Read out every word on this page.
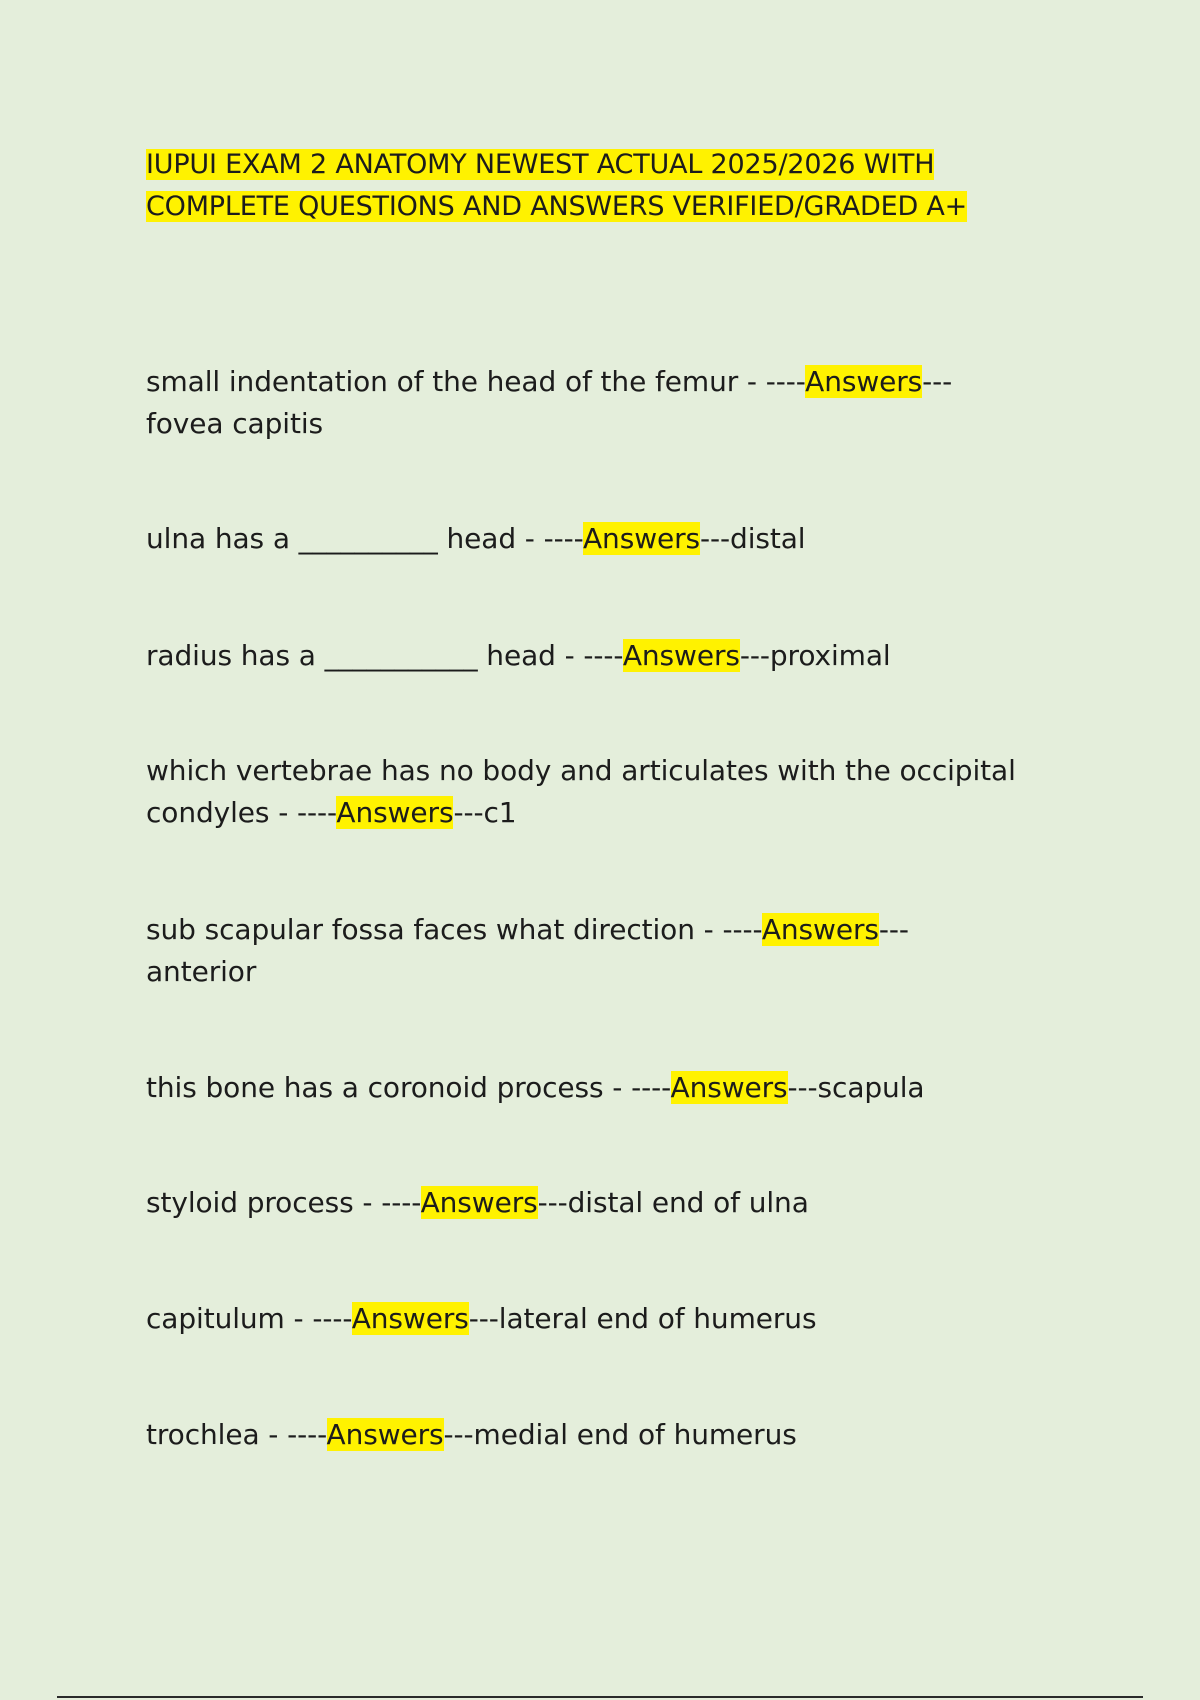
IUPUI EXAM 2 ANATOMY NEWEST ACTUAL 2025/2026 WITH
COMPLETE QUESTIONS AND ANSWERS VERIFIED/GRADED A+

small indentation of the head of the femur - ----Answers---
fovea capitis

ulna has a __________ head - ----Answers---distal

radius has a ___________ head - ----Answers---proximal

which vertebrae has no body and articulates with the occipital
condyles - ----Answers---c1

sub scapular fossa faces what direction - ----Answers---
anterior

this bone has a coronoid process - ----Answers---scapula

styloid process - ----Answers---distal end of ulna

capitulum - ----Answers---lateral end of humerus

trochlea - ----Answers---medial end of humerus
